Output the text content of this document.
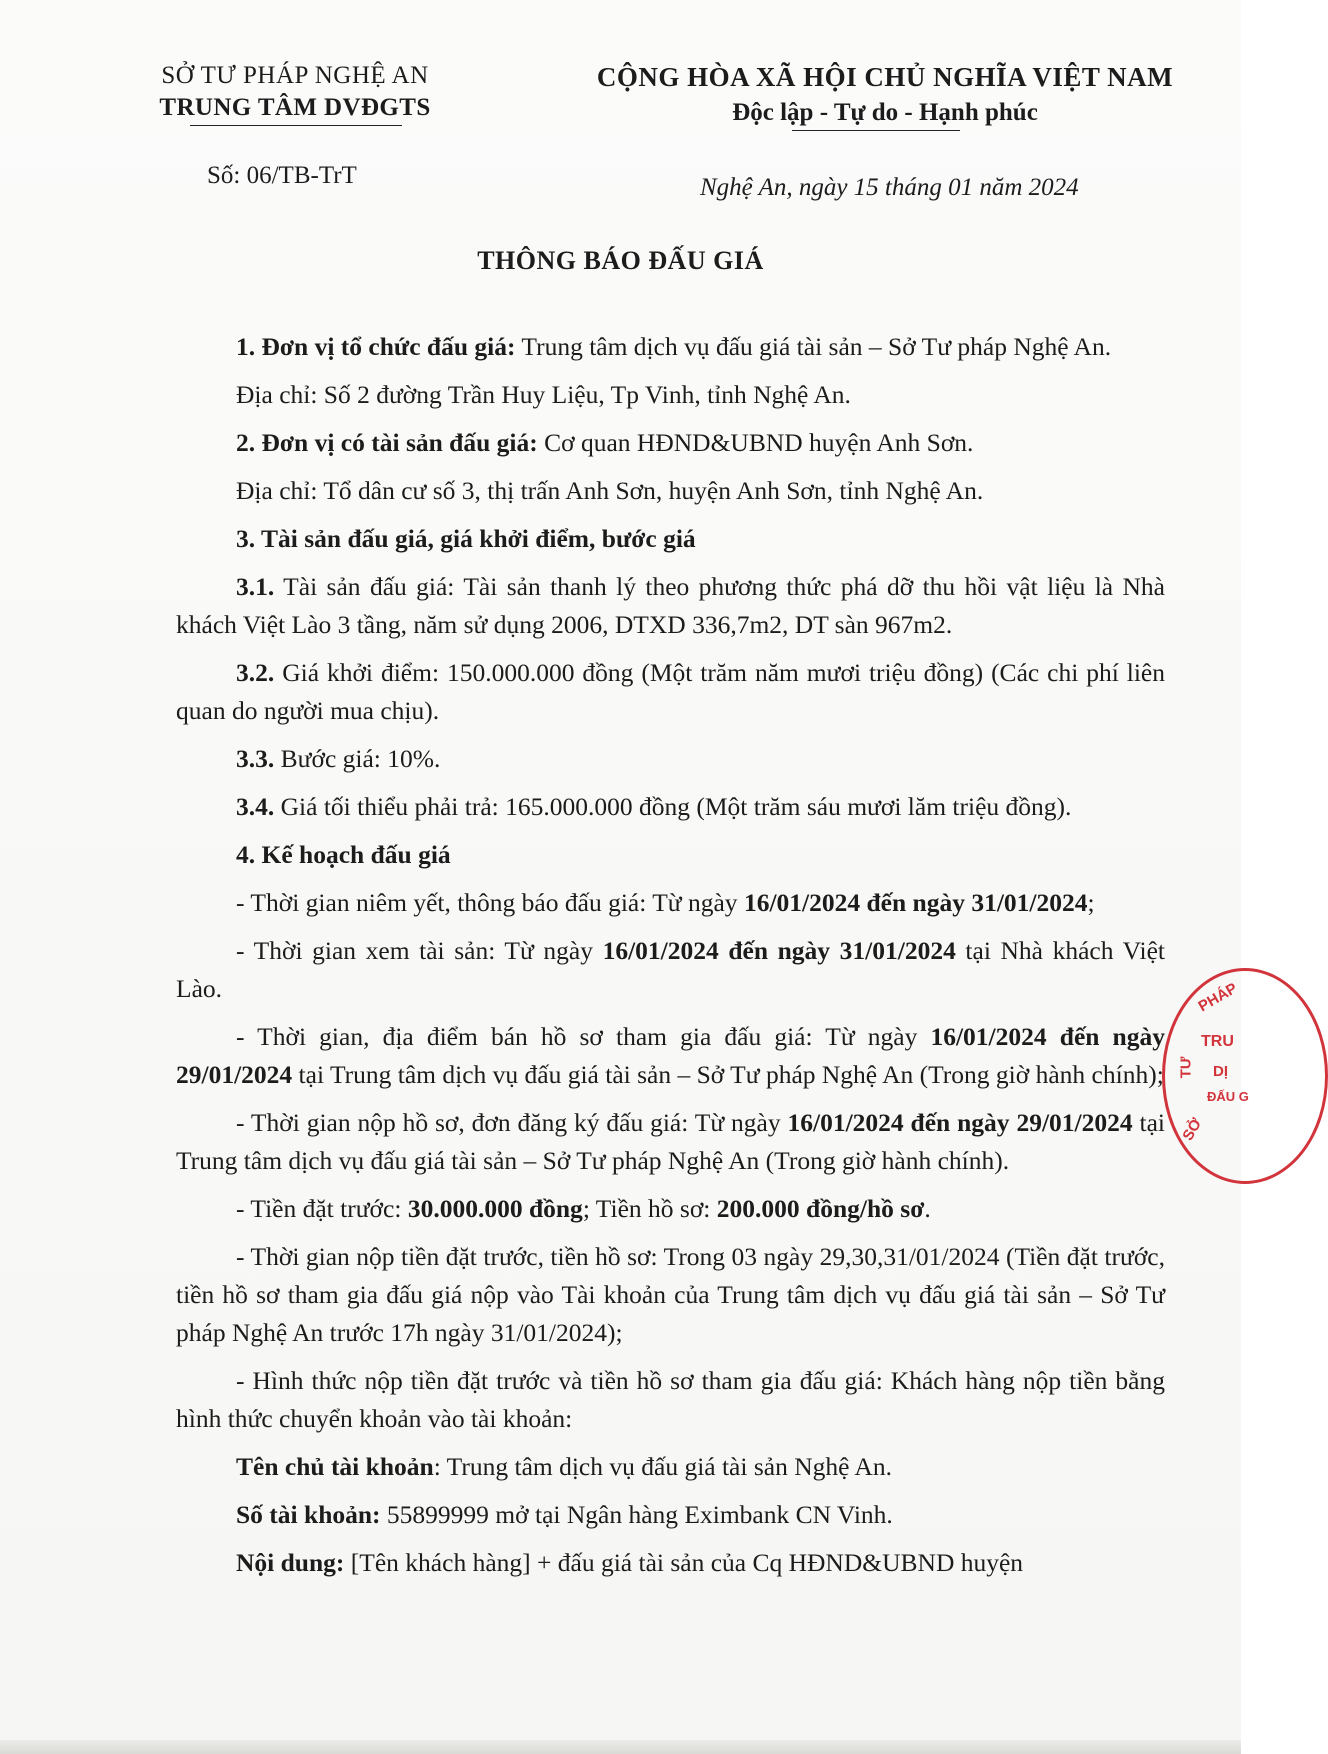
SỞ TƯ PHÁP NGHỆ AN
TRUNG TÂM DVĐGTS
Số: 06/TB-TrT
CỘNG HÒA XÃ HỘI CHỦ NGHĨA VIỆT NAM
Độc lập - Tự do - Hạnh phúc
Nghệ An, ngày 15 tháng 01 năm 2024
THÔNG BÁO ĐẤU GIÁ

1. Đơn vị tổ chức đấu giá: Trung tâm dịch vụ đấu giá tài sản – Sở Tư pháp Nghệ An.

Địa chỉ: Số 2 đường Trần Huy Liệu, Tp Vinh, tỉnh Nghệ An.

2. Đơn vị có tài sản đấu giá: Cơ quan HĐND&UBND huyện Anh Sơn.

Địa chỉ: Tổ dân cư số 3, thị trấn Anh Sơn, huyện Anh Sơn, tỉnh Nghệ An.

3. Tài sản đấu giá, giá khởi điểm, bước giá

3.1. Tài sản đấu giá: Tài sản thanh lý theo phương thức phá dỡ thu hồi vật liệu là Nhà khách Việt Lào 3 tầng, năm sử dụng 2006, DTXD 336,7m2, DT sàn 967m2.

3.2. Giá khởi điểm: 150.000.000 đồng (Một trăm năm mươi triệu đồng) (Các chi phí liên quan do người mua chịu).

3.3. Bước giá: 10%.

3.4. Giá tối thiểu phải trả: 165.000.000 đồng (Một trăm sáu mươi lăm triệu đồng).

4. Kế hoạch đấu giá

- Thời gian niêm yết, thông báo đấu giá: Từ ngày 16/01/2024 đến ngày 31/01/2024;

- Thời gian xem tài sản: Từ ngày 16/01/2024 đến ngày 31/01/2024 tại Nhà khách Việt Lào.

- Thời gian, địa điểm bán hồ sơ tham gia đấu giá: Từ ngày 16/01/2024 đến ngày 29/01/2024 tại Trung tâm dịch vụ đấu giá tài sản – Sở Tư pháp Nghệ An (Trong giờ hành chính);

- Thời gian nộp hồ sơ, đơn đăng ký đấu giá: Từ ngày 16/01/2024 đến ngày 29/01/2024 tại Trung tâm dịch vụ đấu giá tài sản – Sở Tư pháp Nghệ An (Trong giờ hành chính).

- Tiền đặt trước: 30.000.000 đồng; Tiền hồ sơ: 200.000 đồng/hồ sơ.

- Thời gian nộp tiền đặt trước, tiền hồ sơ: Trong 03 ngày 29,30,31/01/2024 (Tiền đặt trước, tiền hồ sơ tham gia đấu giá nộp vào Tài khoản của Trung tâm dịch vụ đấu giá tài sản – Sở Tư pháp Nghệ An trước 17h ngày 31/01/2024);

- Hình thức nộp tiền đặt trước và tiền hồ sơ tham gia đấu giá: Khách hàng nộp tiền bằng hình thức chuyển khoản vào tài khoản:

Tên chủ tài khoản: Trung tâm dịch vụ đấu giá tài sản Nghệ An.

Số tài khoản: 55899999 mở tại Ngân hàng Eximbank CN Vinh.

Nội dung: [Tên khách hàng] + đấu giá tài sản của Cq HĐND&UBND huyện

PHÁP
TRU
DỊ
ĐẤU G
TƯ
SỞ
